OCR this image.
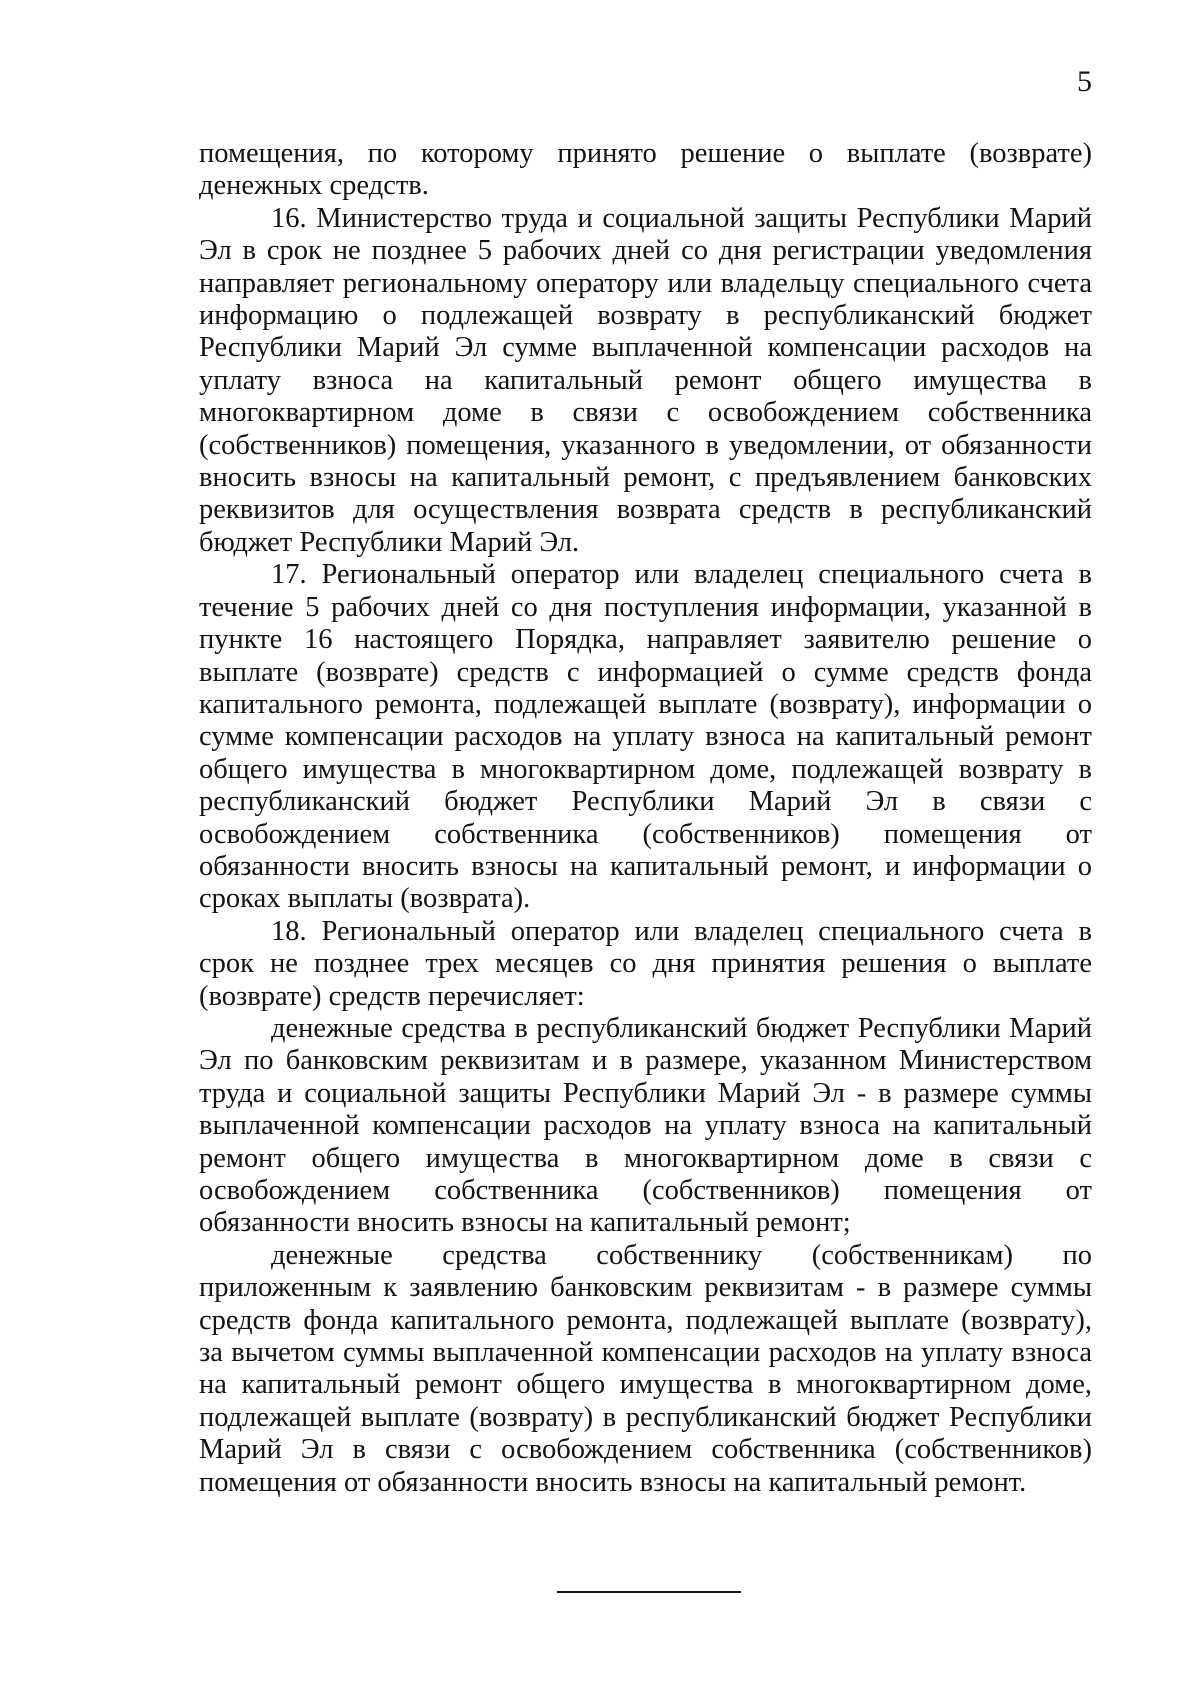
5

помещения, по которому принято решение о выплате (возврате) денежных средств.

16. Министерство труда и социальной защиты Республики Марий Эл в срок не позднее 5 рабочих дней со дня регистрации уведомления направляет региональному оператору или владельцу специального счета информацию о подлежащей возврату в республиканский бюджет Республики Марий Эл сумме выплаченной компенсации расходов на уплату взноса на капитальный ремонт общего имущества в многоквартирном доме в связи с освобождением собственника (собственников) помещения, указанного в уведомлении, от обязанности вносить взносы на капитальный ремонт, с предъявлением банковских реквизитов для осуществления возврата средств в республиканский бюджет Республики Марий Эл.

17. Региональный оператор или владелец специального счета в течение 5 рабочих дней со дня поступления информации, указанной в пункте 16 настоящего Порядка, направляет заявителю решение о выплате (возврате) средств с информацией о сумме средств фонда капитального ремонта, подлежащей выплате (возврату), информации о сумме компенсации расходов на уплату взноса на капитальный ремонт общего имущества в многоквартирном доме, подлежащей возврату в республиканский бюджет Республики Марий Эл в связи с освобождением собственника (собственников) помещения от обязанности вносить взносы на капитальный ремонт, и информации о сроках выплаты (возврата).

18. Региональный оператор или владелец специального счета в срок не позднее трех месяцев со дня принятия решения о выплате (возврате) средств перечисляет:

денежные средства в республиканский бюджет Республики Марий Эл по банковским реквизитам и в размере, указанном Министерством труда и социальной защиты Республики Марий Эл - в размере суммы выплаченной компенсации расходов на уплату взноса на капитальный ремонт общего имущества в многоквартирном доме в связи с освобождением собственника (собственников) помещения от обязанности вносить взносы на капитальный ремонт;

денежные средства собственнику (собственникам) по приложенным к заявлению банковским реквизитам - в размере суммы средств фонда капитального ремонта, подлежащей выплате (возврату), за вычетом суммы выплаченной компенсации расходов на уплату взноса на капитальный ремонт общего имущества в многоквартирном доме, подлежащей выплате (возврату) в республиканский бюджет Республики Марий Эл в связи с освобождением собственника (собственников) помещения от обязанности вносить взносы на капитальный ремонт.
